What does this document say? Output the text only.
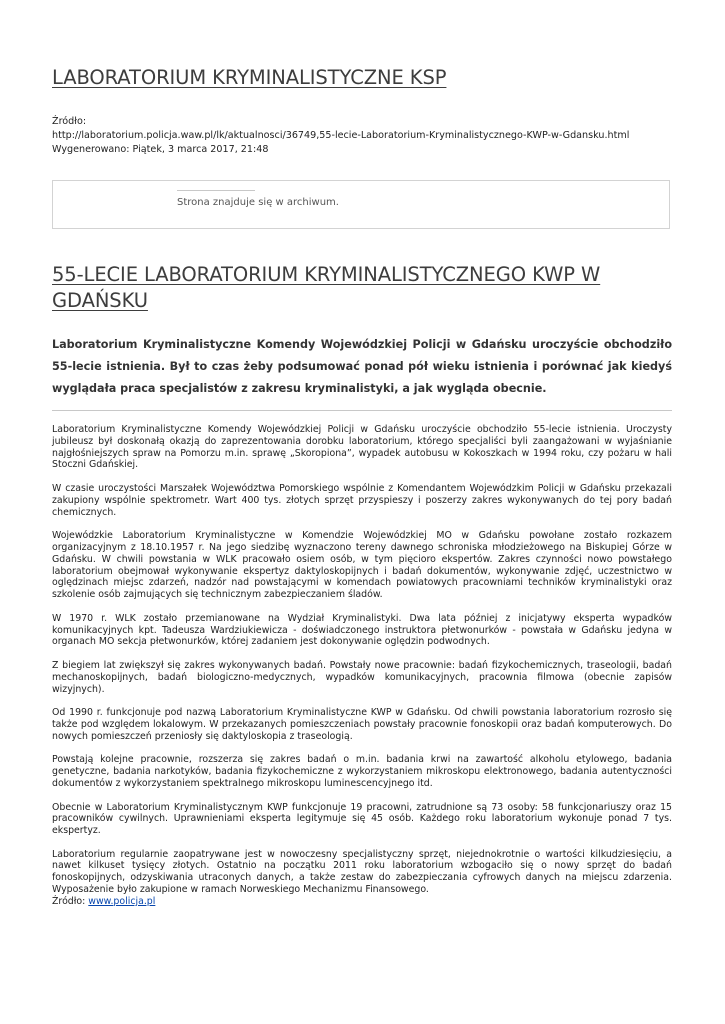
LABORATORIUM KRYMINALISTYCZNE KSP
Źródło:
http://laboratorium.policja.waw.pl/lk/aktualnosci/36749,55-lecie-Laboratorium-Kryminalistycznego-KWP-w-Gdansku.html
Wygenerowano: Piątek, 3 marca 2017, 21:48
Strona znajduje się w archiwum.
55-LECIE LABORATORIUM KRYMINALISTYCZNEGO KWP W GDAŃSKU

Laboratorium Kryminalistyczne Komendy Wojewódzkiej Policji w Gdańsku uroczyście obchodziło 55-lecie istnienia. Był to czas żeby podsumować ponad pół wieku istnienia i porównać jak kiedyś wyglądała praca specjalistów z zakresu kryminalistyki, a jak wygląda obecnie.

Laboratorium Kryminalistyczne Komendy Wojewódzkiej Policji w Gdańsku uroczyście obchodziło 55-lecie istnienia. Uroczysty jubileusz był doskonałą okazją do zaprezentowania dorobku laboratorium, którego specjaliści byli zaangażowani w wyjaśnianie najgłośniejszych spraw na Pomorzu m.in. sprawę „Skoropiona”, wypadek autobusu w Kokoszkach w 1994 roku, czy pożaru w hali Stoczni Gdańskiej.

W czasie uroczystości Marszałek Województwa Pomorskiego wspólnie z Komendantem Wojewódzkim Policji w Gdańsku przekazali zakupiony wspólnie spektrometr. Wart 400 tys. złotych sprzęt przyspieszy i poszerzy zakres wykonywanych do tej pory badań chemicznych.

Wojewódzkie Laboratorium Kryminalistyczne w Komendzie Wojewódzkiej MO w Gdańsku powołane zostało rozkazem organizacyjnym z 18.10.1957 r. Na jego siedzibę wyznaczono tereny dawnego schroniska młodzieżowego na Biskupiej Górze w Gdańsku. W chwili powstania w WLK pracowało osiem osób, w tym pięcioro ekspertów. Zakres czynności nowo powstałego laboratorium obejmował wykonywanie ekspertyz daktyloskopijnych i badań dokumentów, wykonywanie zdjęć, uczestnictwo w oględzinach miejsc zdarzeń, nadzór nad powstającymi w komendach powiatowych pracowniami techników kryminalistyki oraz szkolenie osób zajmujących się technicznym zabezpieczaniem śladów.

W 1970 r. WLK zostało przemianowane na Wydział Kryminalistyki. Dwa lata później z inicjatywy eksperta wypadków komunikacyjnych kpt. Tadeusza Wardziukiewicza - doświadczonego instruktora płetwonurków - powstała w Gdańsku jedyna w organach MO sekcja płetwonurków, której zadaniem jest dokonywanie oględzin podwodnych.

Z biegiem lat zwiększył się zakres wykonywanych badań. Powstały nowe pracownie: badań fizykochemicznych, traseologii, badań mechanoskopijnych, badań biologiczno-medycznych, wypadków komunikacyjnych, pracownia filmowa (obecnie zapisów wizyjnych).

Od 1990 r. funkcjonuje pod nazwą Laboratorium Kryminalistyczne KWP w Gdańsku. Od chwili powstania laboratorium rozrosło się także pod względem lokalowym. W przekazanych pomieszczeniach powstały pracownie fonoskopii oraz badań komputerowych. Do nowych pomieszczeń przeniosły się daktyloskopia z traseologią.

Powstają kolejne pracownie, rozszerza się zakres badań o m.in. badania krwi na zawartość alkoholu etylowego, badania genetyczne, badania narkotyków, badania fizykochemiczne z wykorzystaniem mikroskopu elektronowego, badania autentyczności dokumentów z wykorzystaniem spektralnego mikroskopu luminescencyjnego itd.

Obecnie w Laboratorium Kryminalistycznym KWP funkcjonuje 19 pracowni, zatrudnione są 73 osoby: 58 funkcjonariuszy oraz 15 pracowników cywilnych. Uprawnieniami eksperta legitymuje się 45 osób. Każdego roku laboratorium wykonuje ponad 7 tys. ekspertyz.

Laboratorium regularnie zaopatrywane jest w nowoczesny specjalistyczny sprzęt, niejednokrotnie o wartości kilkudziesięciu, a nawet kilkuset tysięcy złotych. Ostatnio na początku 2011 roku laboratorium wzbogaciło się o nowy sprzęt do badań fonoskopijnych, odzyskiwania utraconych danych, a także zestaw do zabezpieczania cyfrowych danych na miejscu zdarzenia. Wyposażenie było zakupione w ramach Norweskiego Mechanizmu Finansowego.

Źródło: www.policja.pl
